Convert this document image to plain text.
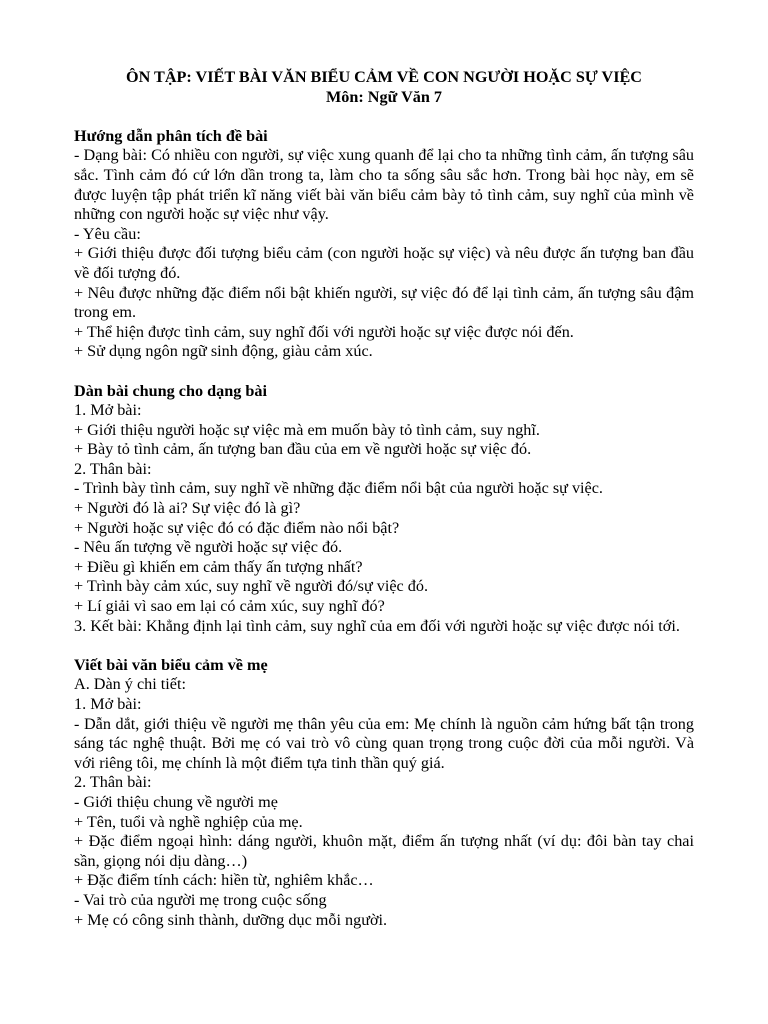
ÔN TẬP: VIẾT BÀI VĂN BIỂU CẢM VỀ CON NGƯỜI HOẶC SỰ VIỆC

Môn: Ngữ Văn 7

Hướng dẫn phân tích đề bài

- Dạng bài: Có nhiều con người, sự việc xung quanh để lại cho ta những tình cảm, ấn tượng sâu sắc. Tình cảm đó cứ lớn dần trong ta, làm cho ta sống sâu sắc hơn. Trong bài học này, em sẽ được luyện tập phát triển kĩ năng viết bài văn biểu cảm bày tỏ tình cảm, suy nghĩ của mình về những con người hoặc sự việc như vậy.

- Yêu cầu:

+ Giới thiệu được đối tượng biểu cảm (con người hoặc sự việc) và nêu được ấn tượng ban đầu về đối tượng đó.

+ Nêu được những đặc điểm nổi bật khiến người, sự việc đó để lại tình cảm, ấn tượng sâu đậm trong em.

+ Thể hiện được tình cảm, suy nghĩ đối với người hoặc sự việc được nói đến.

+ Sử dụng ngôn ngữ sinh động, giàu cảm xúc.

Dàn bài chung cho dạng bài

1. Mở bài:

+ Giới thiệu người hoặc sự việc mà em muốn bày tỏ tình cảm, suy nghĩ.

+ Bày tỏ tình cảm, ấn tượng ban đầu của em về người hoặc sự việc đó.

2. Thân bài:

- Trình bày tình cảm, suy nghĩ về những đặc điểm nổi bật của người hoặc sự việc.

+ Người đó là ai? Sự việc đó là gì?

+ Người hoặc sự việc đó có đặc điểm nào nổi bật?

- Nêu ấn tượng về người hoặc sự việc đó.

+ Điều gì khiến em cảm thấy ấn tượng nhất?

+ Trình bày cảm xúc, suy nghĩ về người đó/sự việc đó.

+ Lí giải vì sao em lại có cảm xúc, suy nghĩ đó?

3. Kết bài: Khẳng định lại tình cảm, suy nghĩ của em đối với người hoặc sự việc được nói tới.

Viết bài văn biểu cảm về mẹ

A. Dàn ý chi tiết:

1. Mở bài:

- Dẫn dắt, giới thiệu về người mẹ thân yêu của em: Mẹ chính là nguồn cảm hứng bất tận trong sáng tác nghệ thuật. Bởi mẹ có vai trò vô cùng quan trọng trong cuộc đời của mỗi người. Và với riêng tôi, mẹ chính là một điểm tựa tinh thần quý giá.

2. Thân bài:

- Giới thiệu chung về người mẹ

+ Tên, tuổi và nghề nghiệp của mẹ.

+ Đặc điểm ngoại hình: dáng người, khuôn mặt, điểm ấn tượng nhất (ví dụ: đôi bàn tay chai sần, giọng nói dịu dàng…)

+ Đặc điểm tính cách: hiền từ, nghiêm khắc…

- Vai trò của người mẹ trong cuộc sống

+ Mẹ có công sinh thành, dưỡng dục mỗi người.
